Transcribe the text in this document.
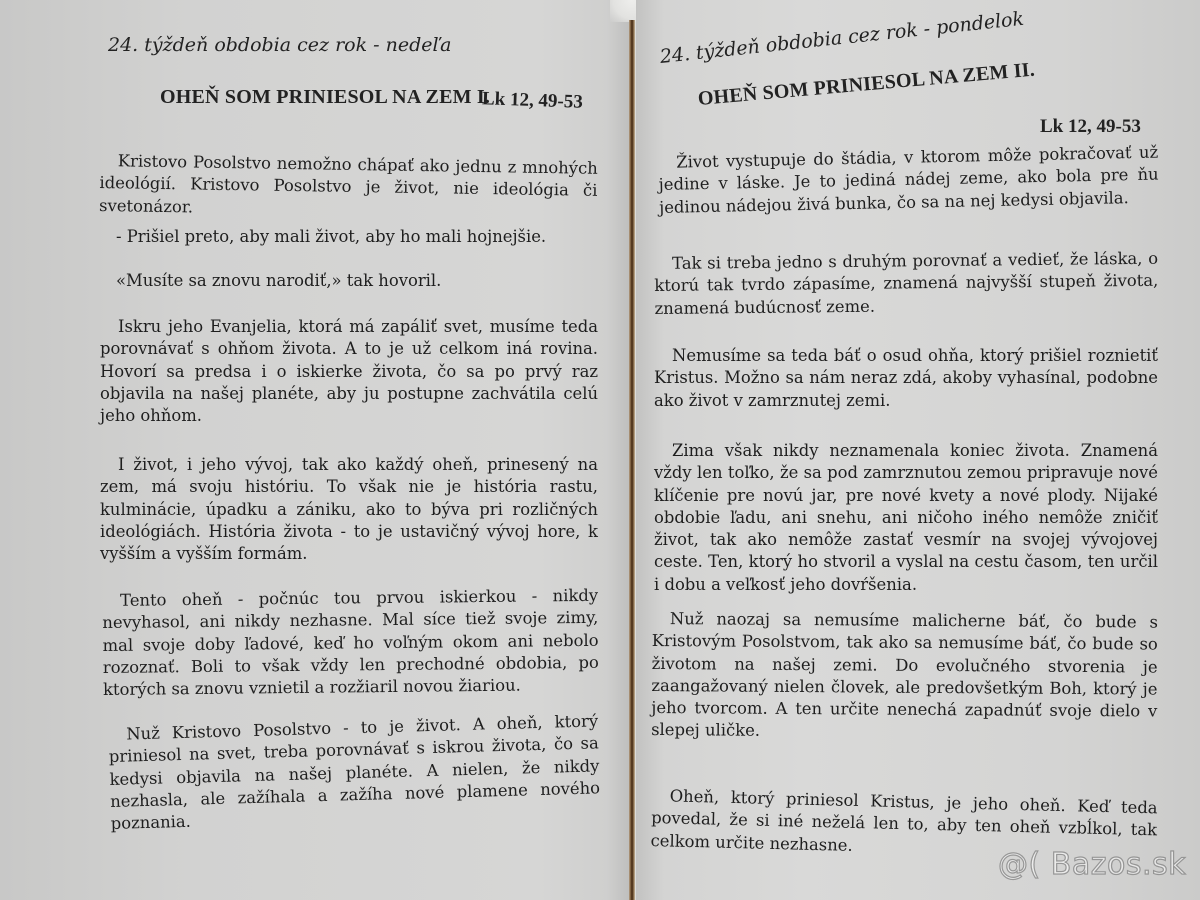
24. týždeň obdobia cez rok - nedeľa
OHEŇ SOM PRINIESOL NA ZEM I.
Lk 12, 49-53
Kristovo Posolstvo nemožno chápať ako jednu z mnohých ideológií. Kristovo Posolstvo je život, nie ideológia či svetonázor.
- Prišiel preto, aby mali život, aby ho mali hojnejšie.
«Musíte sa znovu narodiť,» tak hovoril.
Iskru jeho Evanjelia, ktorá má zapáliť svet, musíme teda porovnávať s ohňom života. A to je už celkom iná rovina. Hovorí sa predsa i o iskierke života, čo sa po prvý raz objavila na našej planéte, aby ju postupne zachvátila celú jeho ohňom.
I život, i jeho vývoj, tak ako každý oheň, prinesený na zem, má svoju históriu. To však nie je história rastu, kulminácie, úpadku a zániku, ako to býva pri rozličných ideológiách. História života - to je ustavičný vývoj hore, k vyšším a vyšším formám.
Tento oheň - počnúc tou prvou iskierkou - nikdy nevyhasol, ani nikdy nezhasne. Mal síce tiež svoje zimy, mal svoje doby ľadové, keď ho voľným okom ani nebolo rozoznať. Boli to však vždy len prechodné obdobia, po ktorých sa znovu vznietil a rozžiaril novou žiariou.
Nuž Kristovo Posolstvo - to je život. A oheň, ktorý priniesol na svet, treba porovnávať s iskrou života, čo sa kedysi objavila na našej planéte. A nielen, že nikdy nezhasla, ale zažíhala a zažíha nové plamene nového poznania.
24. týždeň obdobia cez rok - pondelok
OHEŇ SOM PRINIESOL NA ZEM II.
Lk 12, 49-53
Život vystupuje do štádia, v ktorom môže pokračovať už jedine v láske. Je to jediná nádej zeme, ako bola pre ňu jedinou nádejou živá bunka, čo sa na nej kedysi objavila.
Tak si treba jedno s druhým porovnať a vedieť, že láska, o ktorú tak tvrdo zápasíme, znamená najvyšší stupeň života, znamená budúcnosť zeme.
Nemusíme sa teda báť o osud ohňa, ktorý prišiel roznietiť Kristus. Možno sa nám neraz zdá, akoby vyhasínal, podobne ako život v zamrznutej zemi.
Zima však nikdy neznamenala koniec života. Znamená vždy len toľko, že sa pod zamrznutou zemou pripravuje nové klíčenie pre novú jar, pre nové kvety a nové plody. Nijaké obdobie ľadu, ani snehu, ani ničoho iného nemôže zničiť život, tak ako nemôže zastať vesmír na svojej vývojovej ceste. Ten, ktorý ho stvoril a vyslal na cestu časom, ten určil i dobu a veľkosť jeho dovŕšenia.
Nuž naozaj sa nemusíme malicherne báť, čo bude s Kristovým Posolstvom, tak ako sa nemusíme báť, čo bude so životom na našej zemi. Do evolučného stvorenia je zaangažovaný nielen človek, ale predovšetkým Boh, ktorý je jeho tvorcom. A ten určite nenechá zapadnúť svoje dielo v slepej uličke.
Oheň, ktorý priniesol Kristus, je jeho oheň. Keď teda povedal, že si iné neželá len to, aby ten oheň vzbĺkol, tak celkom určite nezhasne.
@( Bazos.sk
